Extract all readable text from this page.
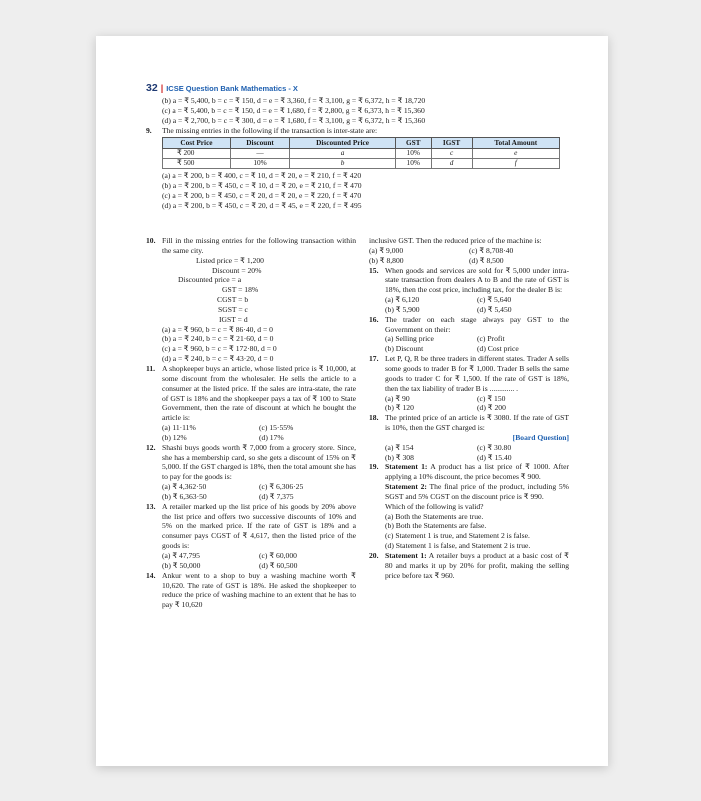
32 | ICSE Question Bank Mathematics - X
(b) a = ₹ 5,400, b = c = ₹ 150, d = e = ₹ 3,360, f = ₹ 3,100, g = ₹ 6,372, h = ₹ 18,720
(c) a = ₹ 5,400, b = c = ₹ 150, d = e = ₹ 1,680, f = ₹ 2,800, g = ₹ 6,373, h = ₹ 15,360
(d) a = ₹ 2,700, b = c = ₹ 300, d = e = ₹ 1,680, f = ₹ 3,100, g = ₹ 6,372, h = ₹ 15,360
9. The missing entries in the following if the transaction is inter-state are:
Cost Price	Discount	Discounted Price	GST	IGST	Total Amount
₹ 200	—	a	10%	c	e
₹ 500	10%	b	10%	d	f
(a) a = ₹ 200, b = ₹ 400, c = ₹ 10, d = ₹ 20, e = ₹ 210, f = ₹ 420
(b) a = ₹ 200, b = ₹ 450, c = ₹ 10, d = ₹ 20, e = ₹ 210, f = ₹ 470
(c) a = ₹ 200, b = ₹ 450, c = ₹ 20, d = ₹ 20, e = ₹ 220, f = ₹ 470
(d) a = ₹ 200, b = ₹ 450, c = ₹ 20, d = ₹ 45, e = ₹ 220, f = ₹ 495
10. Fill in the missing entries for the following transaction within the same city.
Listed price = ₹ 1,200
Discount = 20%
Discounted price = a
GST = 18%
CGST = b
SGST = c
IGST = d
(a) a = ₹ 960, b = c = ₹ 86·40, d = 0
(b) a = ₹ 240, b = c = ₹ 21·60, d = 0
(c) a = ₹ 960, b = c = ₹ 172·80, d = 0
(d) a = ₹ 240, b = c = ₹ 43·20, d = 0
11. A shopkeeper buys an article, whose listed price is ₹ 10,000, at some discount from the wholesaler. He sells the article to a consumer at the listed price. If the sales are intra-state, the rate of GST is 18% and the shopkeeper pays a tax of ₹ 100 to State Government, then the rate of discount at which he bought the article is:
(a) 11·11%	(c) 15·55%
(b) 12%	(d) 17%
12. Shashi buys goods worth ₹ 7,000 from a grocery store. Since, she has a membership card, so she gets a discount of 15% on ₹ 5,000. If the GST charged is 18%, then the total amount she has to pay for the goods is:
(a) ₹ 4,362·50	(c) ₹ 6,306·25
(b) ₹ 6,363·50	(d) ₹ 7,375
13. A retailer marked up the list price of his goods by 20% above the list price and offers two successive discounts of 10% and 5% on the marked price. If the rate of GST is 18% and a consumer pays CGST of ₹ 4,617, then the listed price of the goods is:
(a) ₹ 47,795	(c) ₹ 60,000
(b) ₹ 50,000	(d) ₹ 60,500
14. Ankur went to a shop to buy a washing machine worth ₹ 10,620. The rate of GST is 18%. He asked the shopkeeper to reduce the price of washing machine to an extent that he has to pay ₹ 10,620
inclusive GST. Then the reduced price of the machine is:
(a) ₹ 9,000	(c) ₹ 8,708·40
(b) ₹ 8,800	(d) ₹ 8,500
15. When goods and services are sold for ₹ 5,000 under intra-state transaction from dealers A to B and the rate of GST is 18%, then the cost price, including tax, for the dealer B is:
(a) ₹ 6,120	(c) ₹ 5,640
(b) ₹ 5,900	(d) ₹ 5,450
16. The trader on each stage always pay GST to the Government on their:
(a) Selling price	(c) Profit
(b) Discount	(d) Cost price
17. Let P, Q, R be three traders in different states. Trader A sells some goods to trader B for ₹ 1,000. Trader B sells the same goods to trader C for ₹ 1,500. If the rate of GST is 18%, then the tax liability of trader B is ............. .
(a) ₹ 90	(c) ₹ 150
(b) ₹ 120	(d) ₹ 200
18. The printed price of an article is ₹ 3080. If the rate of GST is 10%, then the GST charged is:
[Board Question]
(a) ₹ 154	(c) ₹ 30.80
(b) ₹ 308	(d) ₹ 15.40
19. Statement 1: A product has a list price of ₹ 1000. After applying a 10% discount, the price becomes ₹ 900.
Statement 2: The final price of the product, including 5% SGST and 5% CGST on the discount price is ₹ 990.
Which of the following is valid?
(a) Both the Statements are true.
(b) Both the Statements are false.
(c) Statement 1 is true, and Statement 2 is false.
(d) Statement 1 is false, and Statement 2 is true.
20. Statement 1: A retailer buys a product at a basic cost of ₹ 80 and marks it up by 20% for profit, making the selling price before tax ₹ 960.
